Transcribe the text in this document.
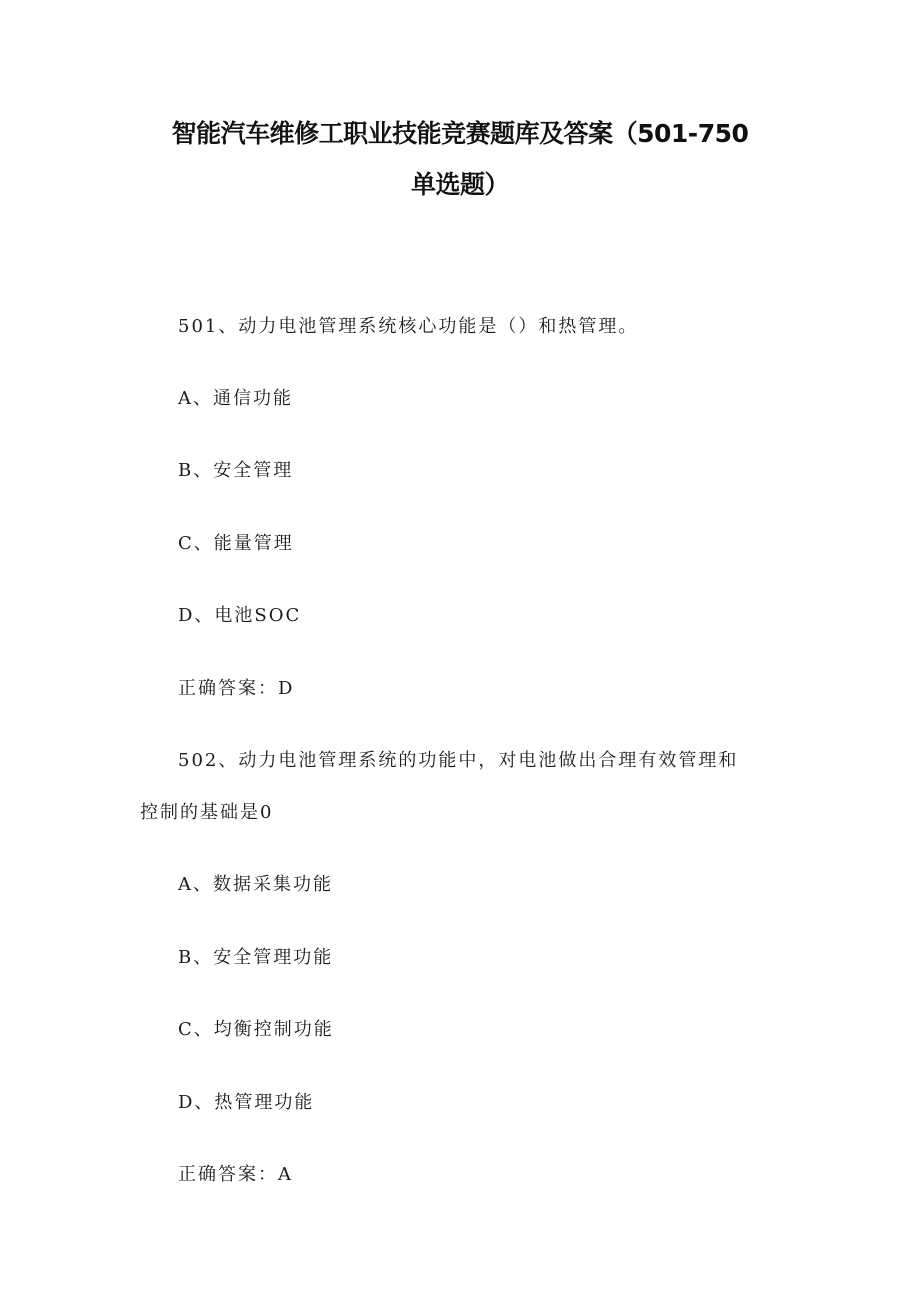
智能汽车维修工职业技能竞赛题库及答案（501-750
单选题）
501、动力电池管理系统核心功能是（）和热管理。
A、通信功能
B、安全管理
C、能量管理
D、电池SOC
正确答案：D
502、动力电池管理系统的功能中，对电池做出合理有效管理和
控制的基础是0
A、数据采集功能
B、安全管理功能
C、均衡控制功能
D、热管理功能
正确答案：A
